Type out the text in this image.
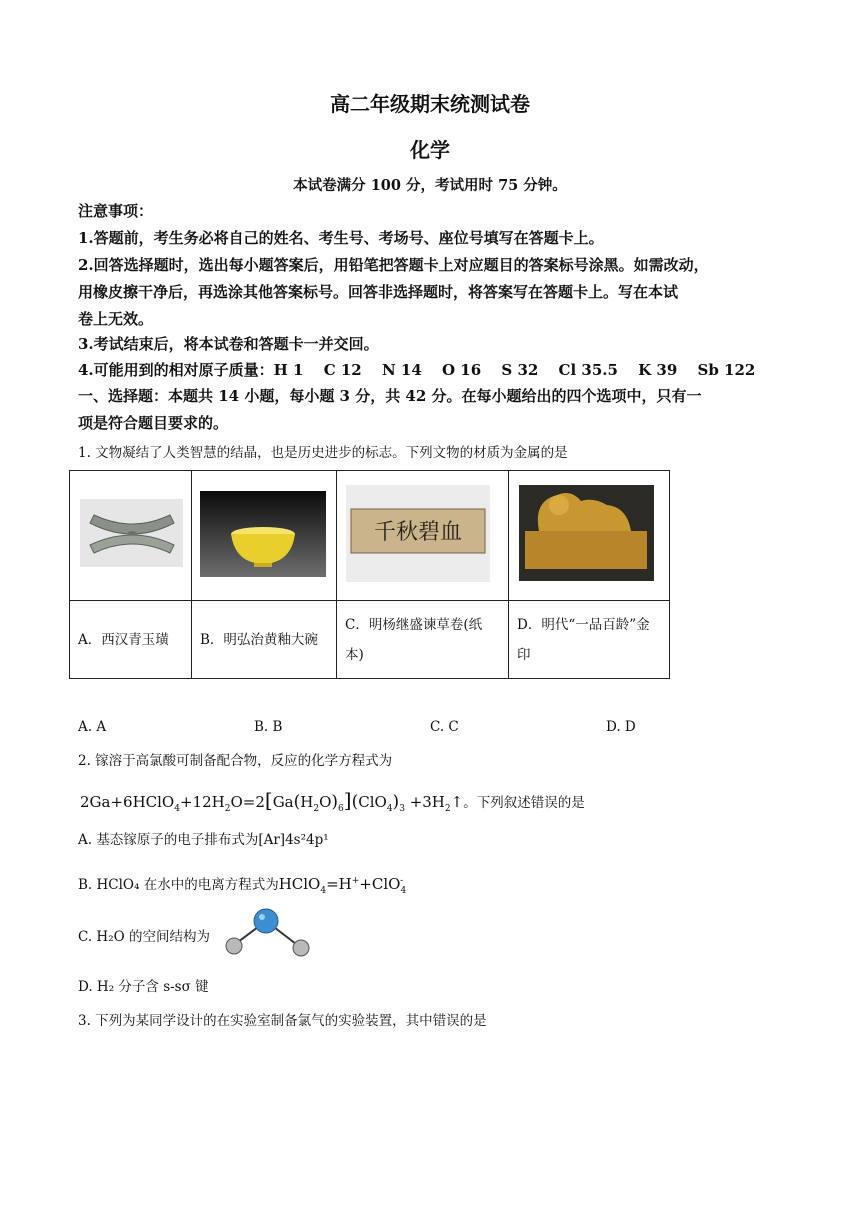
高二年级期末统测试卷
化学
本试卷满分 100 分，考试用时 75 分钟。
注意事项：
1.答题前，考生务必将自己的姓名、考生号、考场号、座位号填写在答题卡上。
2.回答选择题时，选出每小题答案后，用铅笔把答题卡上对应题目的答案标号涂黑。如需改动，
用橡皮擦干净后，再选涂其他答案标号。回答非选择题时，将答案写在答题卡上。写在本试
卷上无效。
3.考试结束后，将本试卷和答题卡一并交回。
4.可能用到的相对原子质量：H 1　 C 12　 N 14　 O 16　 S 32　 Cl 35.5　 K 39　 Sb 122
一、选择题：本题共 14 小题，每小题 3 分，共 42 分。在每小题给出的四个选项中，只有一
项是符合题目要求的。
1. 文物凝结了人类智慧的结晶，也是历史进步的标志。下列文物的材质为金属的是

千秋碧血

A．西汉青玉璜	B．明弘治黄釉大碗	C．明杨继盛谏草卷(纸
本)	D．明代“一品百龄”金
印
A. A	B. B	C. C	D. D
2. 镓溶于高氯酸可制备配合物，反应的化学方程式为
$2Ga+6HClO_4+12H_2O=2[Ga(H_2O)_6](ClO_4)_3$ $+3H_2↑$。下列叙述错误的是
A. 基态镓原子的电子排布式为[Ar]4s²4p¹
B. HClO₄ 在水中的电离方程式为HClO$_4$=H++ClO$_4$-
C. H₂O 的空间结构为
D. H₂ 分子含 s-sσ 键
3. 下列为某同学设计的在实验室制备氯气的实验装置，其中错误的是
